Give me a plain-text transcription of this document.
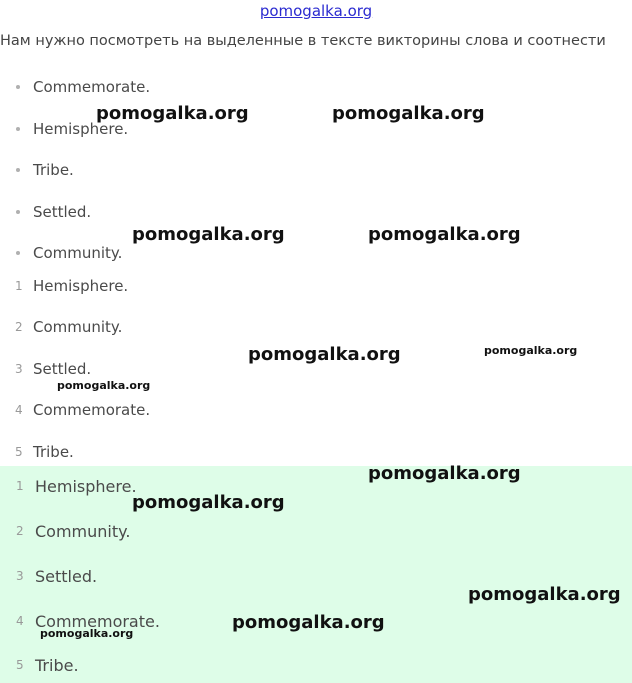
pomogalka.org
Нам нужно посмотреть на выделенные в тексте викторины слова и соотнести
Commemorate.
Hemisphere.
Tribe.
Settled.
Community.
1 Hemisphere.
2 Community.
3 Settled.
4 Commemorate.
5 Tribe.
1 Hemisphere.
2 Community.
3 Settled.
4 Commemorate.
5 Tribe.
pomogalka.org	pomogalka.org
pomogalka.org	pomogalka.org
pomogalka.org	pomogalka.org
pomogalka.org
pomogalka.org
pomogalka.org
pomogalka.org
pomogalka.org
pomogalka.org
